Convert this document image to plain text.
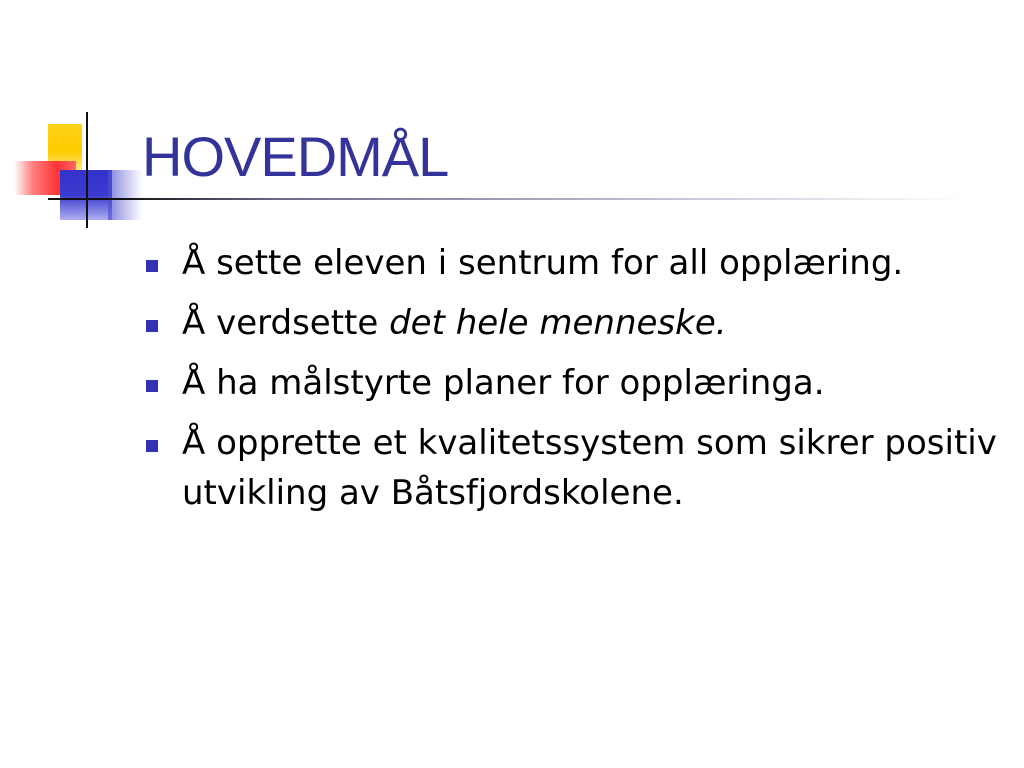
HOVEDMÅL
Å sette eleven i sentrum for all opplæring.
Å verdsette det hele menneske.
Å ha målstyrte planer for opplæringa.
Å opprette et kvalitetssystem som sikrer positiv utvikling av Båtsfjordskolene.
